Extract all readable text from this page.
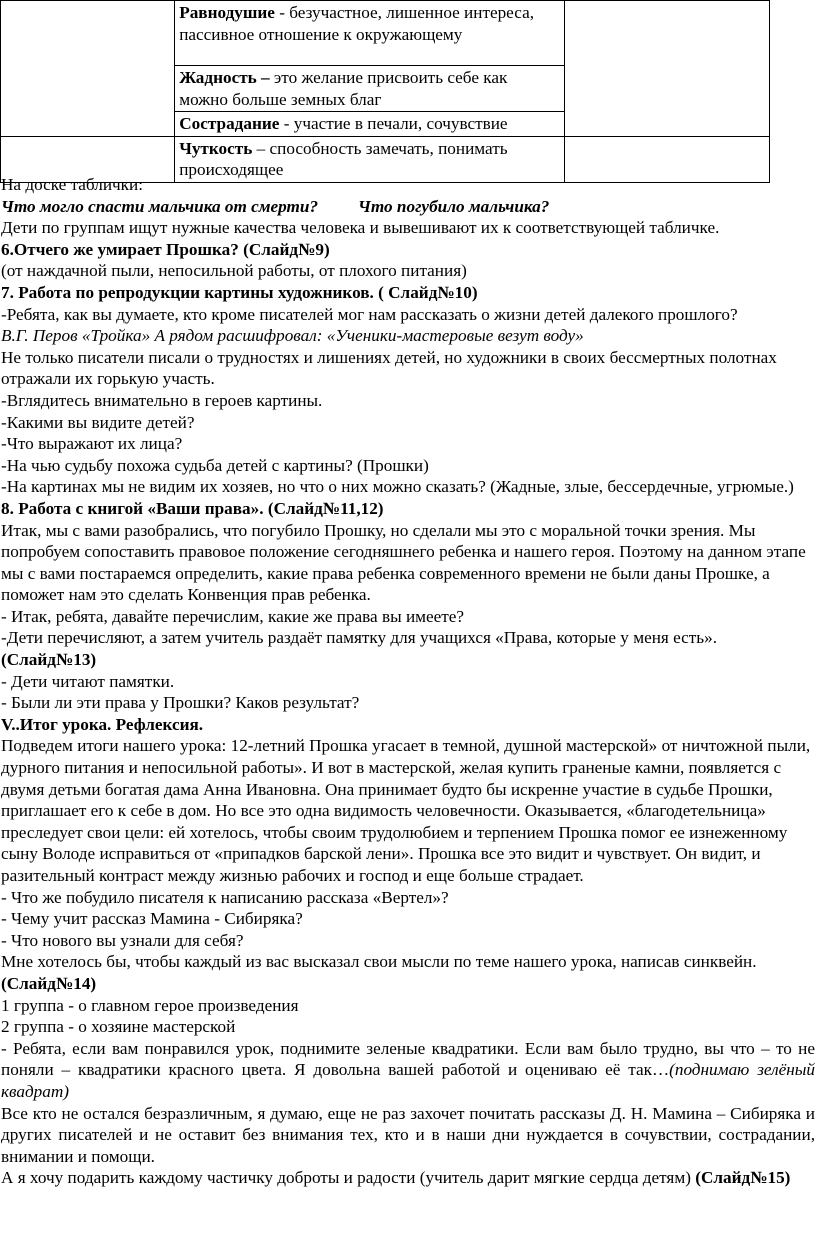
	Равнодушие - безучастное, лишенное интереса, пассивное отношение к окружающему	
	Жадность – это желание присвоить себе как можно больше земных благ	
	Сострадание - участие в печали, сочувствие	
	Чуткость – способность замечать, понимать происходящее	

На доске таблички:

Что могло спасти мальчика от смерти? Что погубило мальчика?

Дети по группам ищут нужные качества человека и вывешивают их к соответствующей табличке.

6.Отчего же умирает Прошка? (Слайд№9)

(от наждачной пыли, непосильной работы, от плохого питания)

7. Работа по репродукции картины художников. ( Слайд№10)

-Ребята, как вы думаете, кто кроме писателей мог нам рассказать о жизни детей далекого прошлого?

В.Г. Перов «Тройка» А рядом расшифровал: «Ученики-мастеровые везут воду»

Не только писатели писали о трудностях и лишениях детей, но художники в своих бессмертных полотнах отражали их горькую участь.

-Вглядитесь внимательно в героев картины.

-Какими вы видите детей?

-Что выражают их лица?

-На чью судьбу похожа судьба детей с картины? (Прошки)

-На картинах мы не видим их хозяев, но что о них можно сказать? (Жадные, злые, бессердечные, угрюмые.)

8. Работа с книгой «Ваши права». (Слайд№11,12)

Итак, мы с вами разобрались, что погубило Прошку, но сделали мы это с моральной точки зрения. Мы попробуем сопоставить правовое положение сегодняшнего ребенка и нашего героя. Поэтому на данном этапе мы с вами постараемся определить, какие права ребенка современного времени не были даны Прошке, а поможет нам это сделать Конвенция прав ребенка.

- Итак, ребята, давайте перечислим, какие же права вы имеете?

-Дети перечисляют, а затем учитель раздаёт памятку для учащихся «Права, которые у меня есть».

(Слайд№13)

- Дети читают памятки.

- Были ли эти права у Прошки? Каков результат?

V..Итог урока. Рефлексия.

Подведем итоги нашего урока: 12-летний Прошка угасает в темной, душной мастерской» от ничтожной пыли, дурного питания и непосильной работы». И вот в мастерской, желая купить граненые камни, появляется с двумя детьми богатая дама Анна Ивановна. Она принимает будто бы искренне участие в судьбе Прошки, приглашает его к себе в дом. Но все это одна видимость человечности. Оказывается, «благодетельница» преследует свои цели: ей хотелось, чтобы своим трудолюбием и терпением Прошка помог ее изнеженному сыну Володе исправиться от «припадков барской лени». Прошка все это видит и чувствует. Он видит, и разительный контраст между жизнью рабочих и господ и еще больше страдает.

- Что же побудило писателя к написанию рассказа «Вертел»?

- Чему учит рассказ Мамина - Сибиряка?

- Что нового вы узнали для себя?

Мне хотелось бы, чтобы каждый из вас высказал свои мысли по теме нашего урока, написав синквейн. (Слайд№14)

1 группа - о главном герое произведения

2 группа - о хозяине мастерской

- Ребята, если вам понравился урок, поднимите зеленые квадратики. Если вам было трудно, вы что – то не поняли – квадратики красного цвета. Я довольна вашей работой и оцениваю её так…(поднимаю зелёный квадрат)

Все кто не остался безразличным, я думаю, еще не раз захочет почитать рассказы Д. Н. Мамина – Сибиряка и других писателей и не оставит без внимания тех, кто и в наши дни нуждается в сочувствии, сострадании, внимании и помощи.

А я хочу подарить каждому частичку доброты и радости (учитель дарит мягкие сердца детям) (Слайд№15)
